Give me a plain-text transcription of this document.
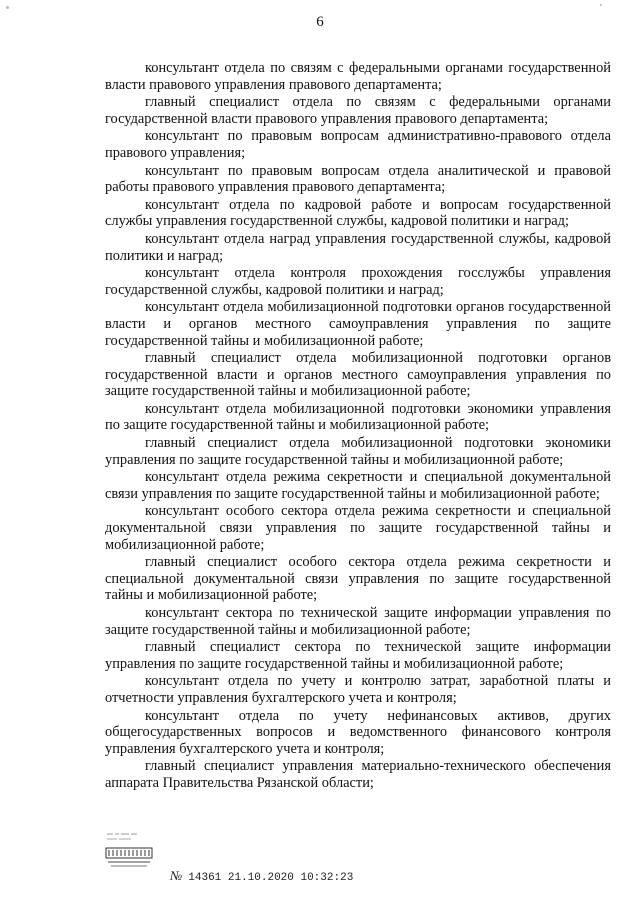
6

консультант отдела по связям с федеральными органами государственной власти правового управления правового департамента;

главный специалист отдела по связям с федеральными органами государственной власти правового управления правового департамента;

консультант по правовым вопросам административно-правового отдела правового управления;

консультант по правовым вопросам отдела аналитической и правовой работы правового управления правового департамента;

консультант отдела по кадровой работе и вопросам государственной службы управления государственной службы, кадровой политики и наград;

консультант отдела наград управления государственной службы, кадровой политики и наград;

консультант отдела контроля прохождения госслужбы управления государственной службы, кадровой политики и наград;

консультант отдела мобилизационной подготовки органов государственной власти и органов местного самоуправления управления по защите государственной тайны и мобилизационной работе;

главный специалист отдела мобилизационной подготовки органов государственной власти и органов местного самоуправления управления по защите государственной тайны и мобилизационной работе;

консультант отдела мобилизационной подготовки экономики управления по защите государственной тайны и мобилизационной работе;

главный специалист отдела мобилизационной подготовки экономики управления по защите государственной тайны и мобилизационной работе;

консультант отдела режима секретности и специальной документальной связи управления по защите государственной тайны и мобилизационной работе;

консультант особого сектора отдела режима секретности и специальной документальной связи управления по защите государственной тайны и мобилизационной работе;

главный специалист особого сектора отдела режима секретности и специальной документальной связи управления по защите государственной тайны и мобилизационной работе;

консультант сектора по технической защите информации управления по защите государственной тайны и мобилизационной работе;

главный специалист сектора по технической защите информации управления по защите государственной тайны и мобилизационной работе;

консультант отдела по учету и контролю затрат, заработной платы и отчетности управления бухгалтерского учета и контроля;

консультант отдела по учету нефинансовых активов, других общегосударственных вопросов и ведомственного финансового контроля управления бухгалтерского учета и контроля;

главный специалист управления материально-технического обеспечения аппарата Правительства Рязанской области;

№ 14361 21.10.2020 10:32:23
